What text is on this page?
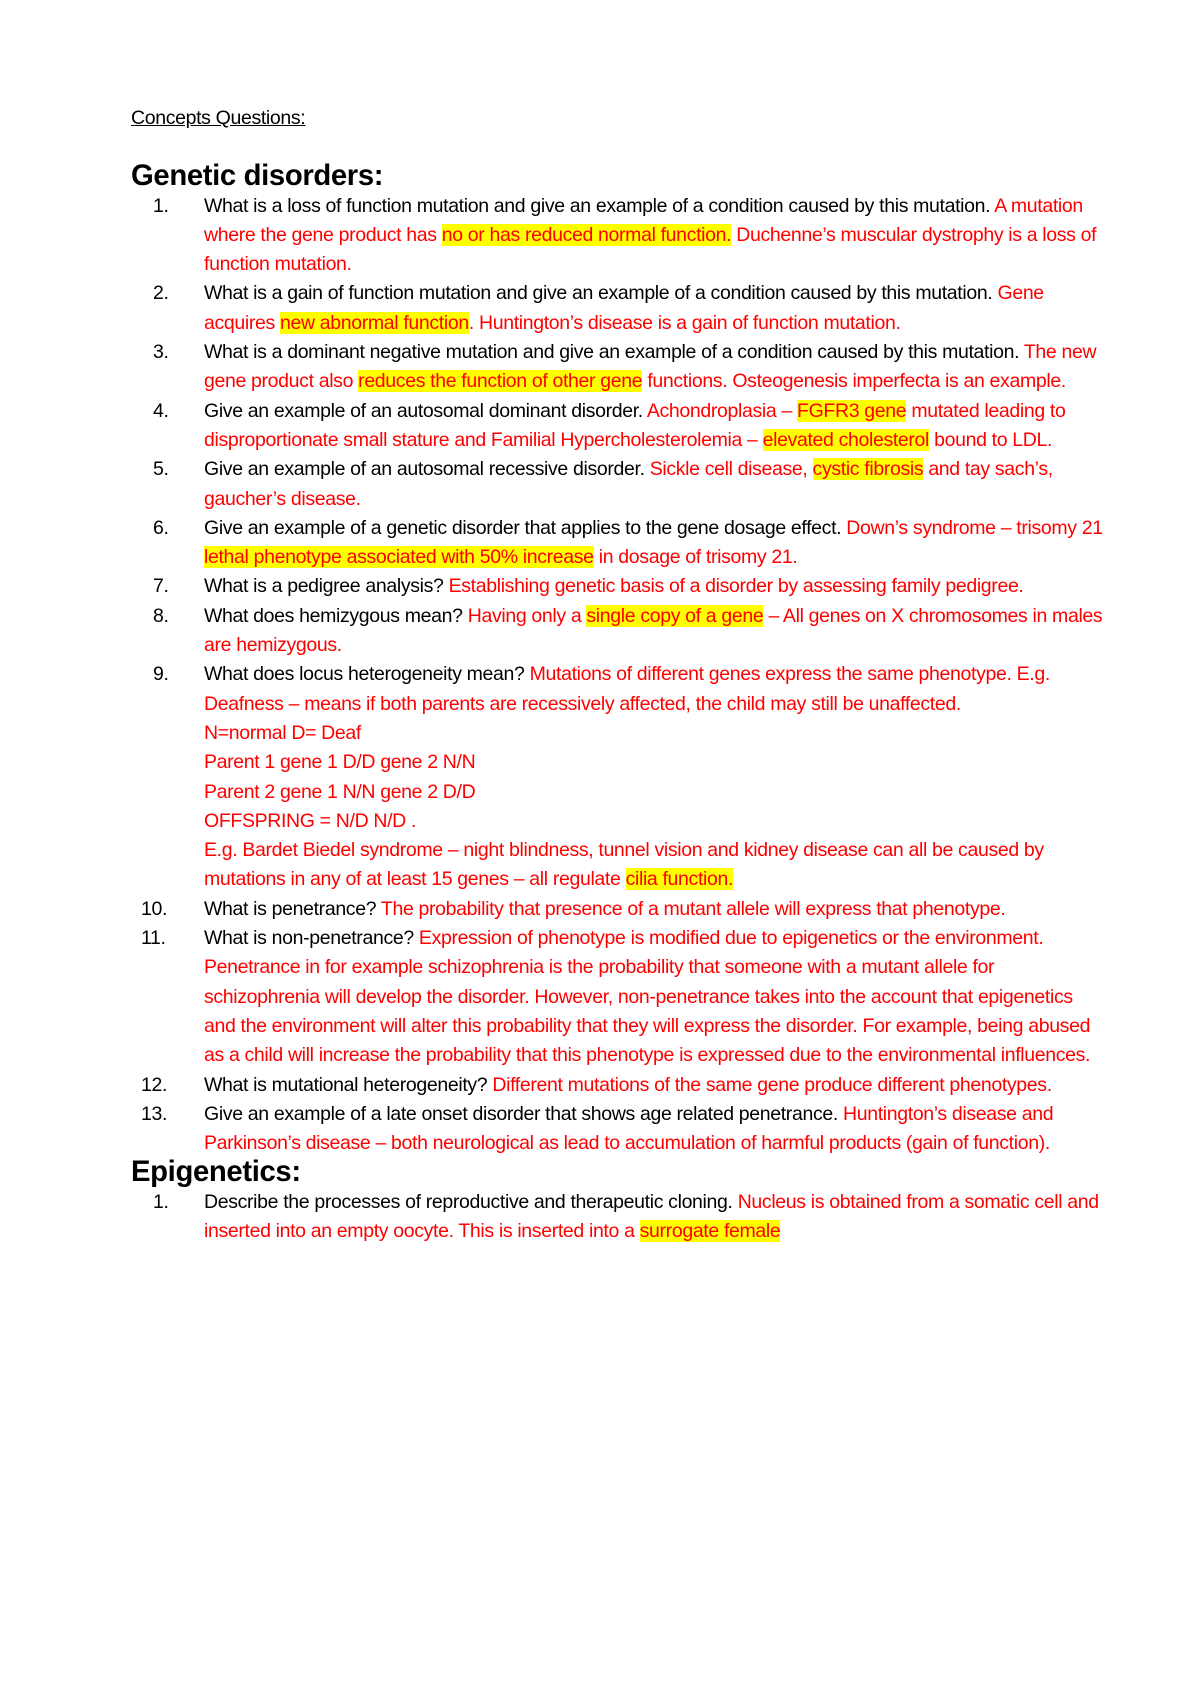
Concepts Questions:
Genetic disorders:
1. What is a loss of function mutation and give an example of a condition caused by this mutation. A mutation where the gene product has no or has reduced normal function. Duchenne’s muscular dystrophy is a loss of function mutation.
2. What is a gain of function mutation and give an example of a condition caused by this mutation. Gene acquires new abnormal function. Huntington’s disease is a gain of function mutation.
3. What is a dominant negative mutation and give an example of a condition caused by this mutation. The new gene product also reduces the function of other gene functions. Osteogenesis imperfecta is an example.
4. Give an example of an autosomal dominant disorder. Achondroplasia – FGFR3 gene mutated leading to disproportionate small stature and Familial Hypercholesterolemia – elevated cholesterol bound to LDL.
5. Give an example of an autosomal recessive disorder. Sickle cell disease, cystic fibrosis and tay sach’s, gaucher’s disease.
6. Give an example of a genetic disorder that applies to the gene dosage effect. Down’s syndrome – trisomy 21 lethal phenotype associated with 50% increase in dosage of trisomy 21.
7. What is a pedigree analysis? Establishing genetic basis of a disorder by assessing family pedigree.
8. What does hemizygous mean? Having only a single copy of a gene – All genes on X chromosomes in males are hemizygous.
9. What does locus heterogeneity mean? Mutations of different genes express the same phenotype. E.g. Deafness – means if both parents are recessively affected, the child may still be unaffected.
N=normal D= Deaf
Parent 1 gene 1 D/D gene 2 N/N
Parent 2 gene 1 N/N gene 2 D/D
OFFSPRING = N/D N/D .
E.g. Bardet Biedel syndrome – night blindness, tunnel vision and kidney disease can all be caused by mutations in any of at least 15 genes – all regulate cilia function.
10. What is penetrance? The probability that presence of a mutant allele will express that phenotype.
11. What is non-penetrance? Expression of phenotype is modified due to epigenetics or the environment. Penetrance in for example schizophrenia is the probability that someone with a mutant allele for schizophrenia will develop the disorder. However, non-penetrance takes into the account that epigenetics and the environment will alter this probability that they will express the disorder. For example, being abused as a child will increase the probability that this phenotype is expressed due to the environmental influences.
12. What is mutational heterogeneity? Different mutations of the same gene produce different phenotypes.
13. Give an example of a late onset disorder that shows age related penetrance. Huntington’s disease and Parkinson’s disease – both neurological as lead to accumulation of harmful products (gain of function).
Epigenetics:
1. Describe the processes of reproductive and therapeutic cloning. Nucleus is obtained from a somatic cell and inserted into an empty oocyte. This is inserted into a surrogate female
